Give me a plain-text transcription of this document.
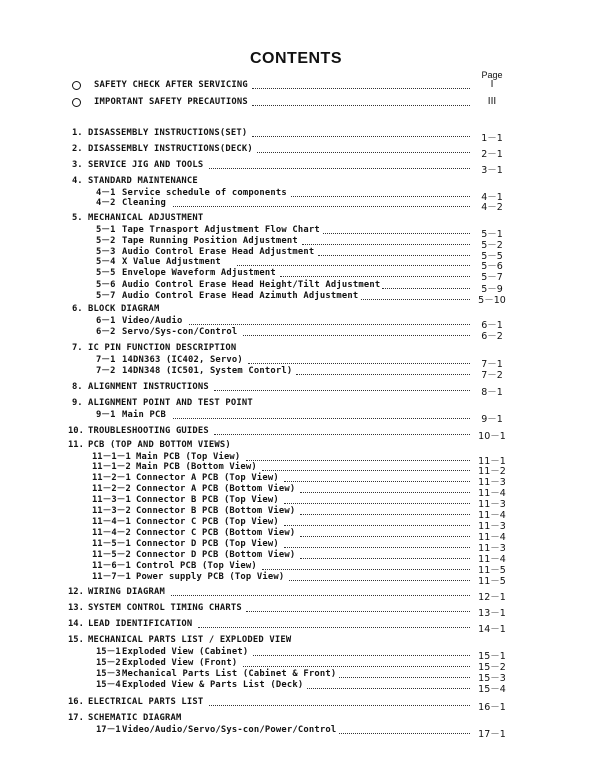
CONTENTS
Page
SAFETY CHECK AFTER SERVICING	I
IMPORTANT SAFETY PRECAUTIONS	III
1. DISASSEMBLY INSTRUCTIONS(SET)	1－1
2. DISASSEMBLY INSTRUCTIONS(DECK)	2－1
3. SERVICE JIG AND TOOLS	3－1
4. STANDARD MAINTENANCE
4－1 Service schedule of components	4－1
4－2 Cleaning	4－2
5. MECHANICAL ADJUSTMENT
5－1 Tape Trnasport Adjustment Flow Chart	5－1
5－2 Tape Running Position Adjustment	5－2
5－3 Audio Control Erase Head Adjustment	5－5
5－4 X Value Adjustment	5－6
5－5 Envelope Waveform Adjustment	5－7
5－6 Audio Control Erase Head Height/Tilt Adjustment	5－9
5－7 Audio Control Erase Head Azimuth Adjustment	5－10
6. BLOCK DIAGRAM
6－1 Video/Audio	6－1
6－2 Servo/Sys-con/Control	6－2
7. IC PIN FUNCTION DESCRIPTION
7－1 14DN363 (IC402, Servo)	7－1
7－2 14DN348 (IC501, System Contorl)	7－2
8. ALIGNMENT INSTRUCTIONS	8－1
9. ALIGNMENT POINT AND TEST POINT
9－1 Main PCB	9－1
10. TROUBLESHOOTING GUIDES	10－1
11. PCB (TOP AND BOTTOM VIEWS)
11－1－1 Main PCB (Top View)	11－1
11－1－2 Main PCB (Bottom View)	11－2
11－2－1 Connector A PCB (Top View)	11－3
11－2－2 Connector A PCB (Bottom View)	11－4
11－3－1 Connector B PCB (Top View)	11－3
11－3－2 Connector B PCB (Bottom View)	11－4
11－4－1 Connector C PCB (Top View)	11－3
11－4－2 Connector C PCB (Bottom View)	11－4
11－5－1 Connector D PCB (Top View)	11－3
11－5－2 Connector D PCB (Bottom View)	11－4
11－6－1 Control PCB (Top View)	11－5
11－7－1 Power supply PCB (Top View)	11－5
12. WIRING DIAGRAM	12－1
13. SYSTEM CONTROL TIMING CHARTS	13－1
14. LEAD IDENTIFICATION	14－1
15. MECHANICAL PARTS LIST / EXPLODED VIEW
15－1 Exploded View (Cabinet)	15－1
15－2 Exploded View (Front)	15－2
15－3 Mechanical Parts List (Cabinet & Front)	15－3
15－4 Exploded View & Parts List (Deck)	15－4
16. ELECTRICAL PARTS LIST	16－1
17. SCHEMATIC DIAGRAM
17－1 Video/Audio/Servo/Sys-con/Power/Control	17－1
